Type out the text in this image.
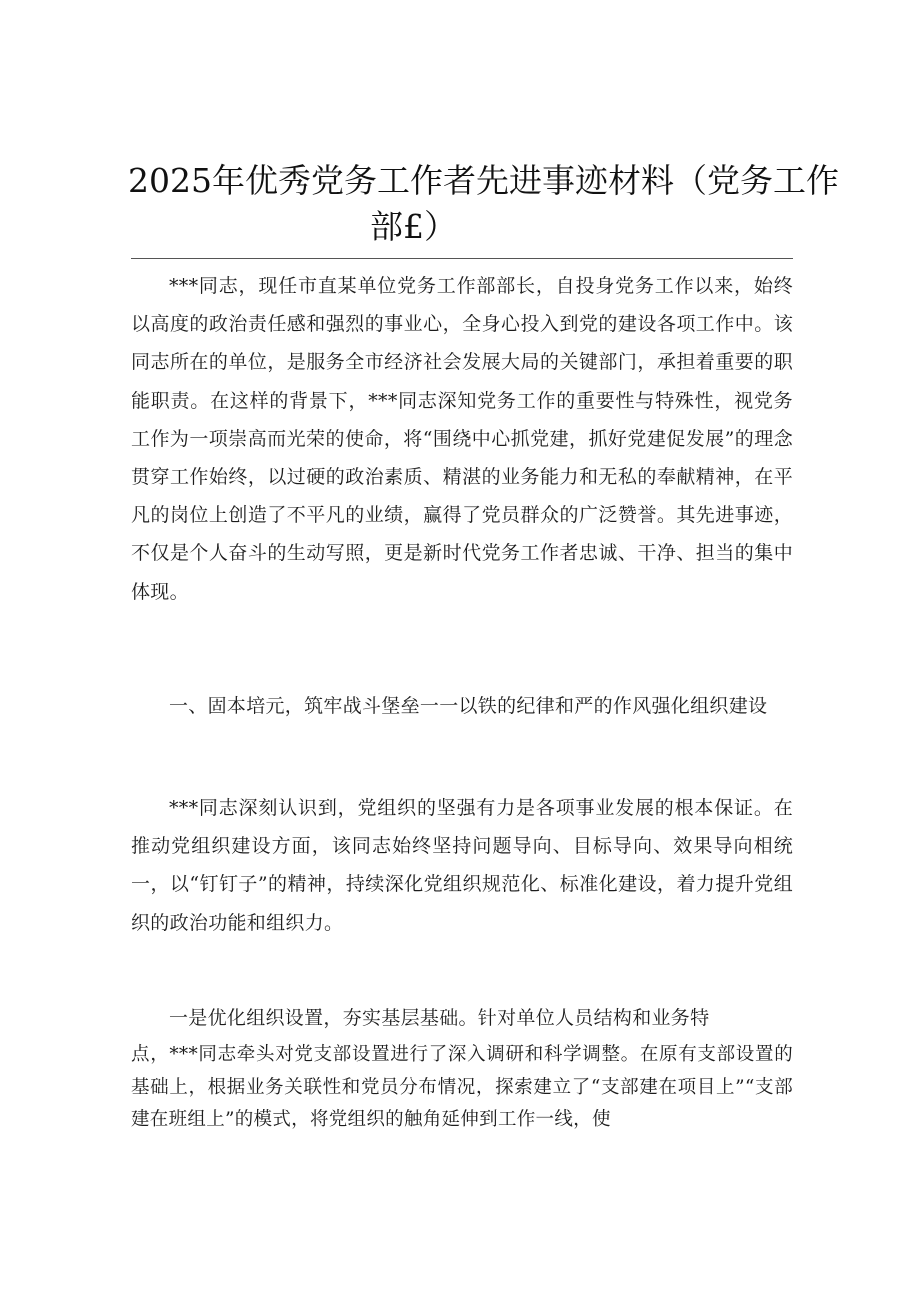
2025年优秀党务工作者先进事迹材料（党务工作
部£）

***同志，现任市直某单位党务工作部部长，自投身党务工作以来，始终以高度的政治责任感和强烈的事业心，全身心投入到党的建设各项工作中。该同志所在的单位，是服务全市经济社会发展大局的关键部门，承担着重要的职能职责。在这样的背景下，***同志深知党务工作的重要性与特殊性，视党务工作为一项崇高而光荣的使命，将“围绕中心抓党建，抓好党建促发展”的理念贯穿工作始终，以过硬的政治素质、精湛的业务能力和无私的奉献精神，在平凡的岗位上创造了不平凡的业绩，赢得了党员群众的广泛赞誉。其先进事迹，不仅是个人奋斗的生动写照，更是新时代党务工作者忠诚、干净、担当的集中体现。

一、固本培元，筑牢战斗堡垒一一以铁的纪律和严的作风强化组织建设

***同志深刻认识到，党组织的坚强有力是各项事业发展的根本保证。在推动党组织建设方面，该同志始终坚持问题导向、目标导向、效果导向相统一，以“钉钉子”的精神，持续深化党组织规范化、标准化建设，着力提升党组织的政治功能和组织力。

一是优化组织设置，夯实基层基础。针对单位人员结构和业务特
点，***同志牵头对党支部设置进行了深入调研和科学调整。在原有支部设置的基础上，根据业务关联性和党员分布情况，探索建立了“支部建在项目上”“支部建在班组上”的模式，将党组织的触角延伸到工作一线，使
